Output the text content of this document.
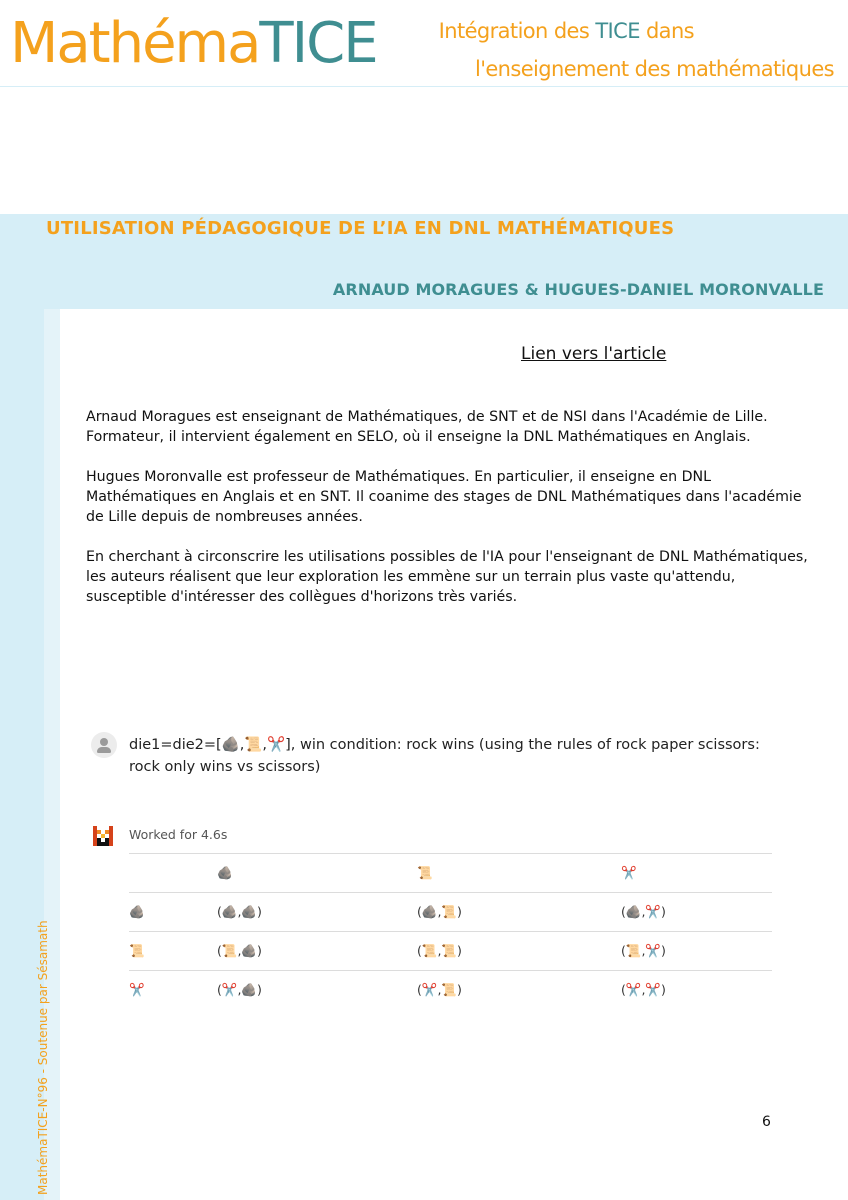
MathémaTICE	Intégration des TICE dans
l'enseignement des mathématiques
UTILISATION PÉDAGOGIQUE DE L’IA EN DNL MATHÉMATIQUES
ARNAUD MORAGUES & HUGUES-DANIEL MORONVALLE
MathémaTICE-N°96 - Soutenue par Sésamath
Lien vers l'article

Arnaud Moragues est enseignant de Mathématiques, de SNT et de NSI dans l'Académie de Lille. Formateur, il intervient également en SELO, où il enseigne la DNL Mathématiques en Anglais.

Hugues Moronvalle est professeur de Mathématiques. En particulier, il enseigne en DNL Mathématiques en Anglais et en SNT. Il coanime des stages de DNL Mathématiques dans l'académie de Lille depuis de nombreuses années.

En cherchant à circonscrire les utilisations possibles de l'IA pour l'enseignant de DNL Mathématiques, les auteurs réalisent que leur exploration les emmène sur un terrain plus vaste qu'attendu, susceptible d'intéresser des collègues d'horizons très variés.

die1=die2=[🪨,📜,✂️], win condition: rock wins (using the rules of rock paper scissors: rock only wins vs scissors)
Worked for 4.6s
	🪨	📜	✂️
🪨	(🪨,🪨)	(🪨,📜)	(🪨,✂️)
📜	(📜,🪨)	(📜,📜)	(📜,✂️)
✂️	(✂️,🪨)	(✂️,📜)	(✂️,✂️)
6
